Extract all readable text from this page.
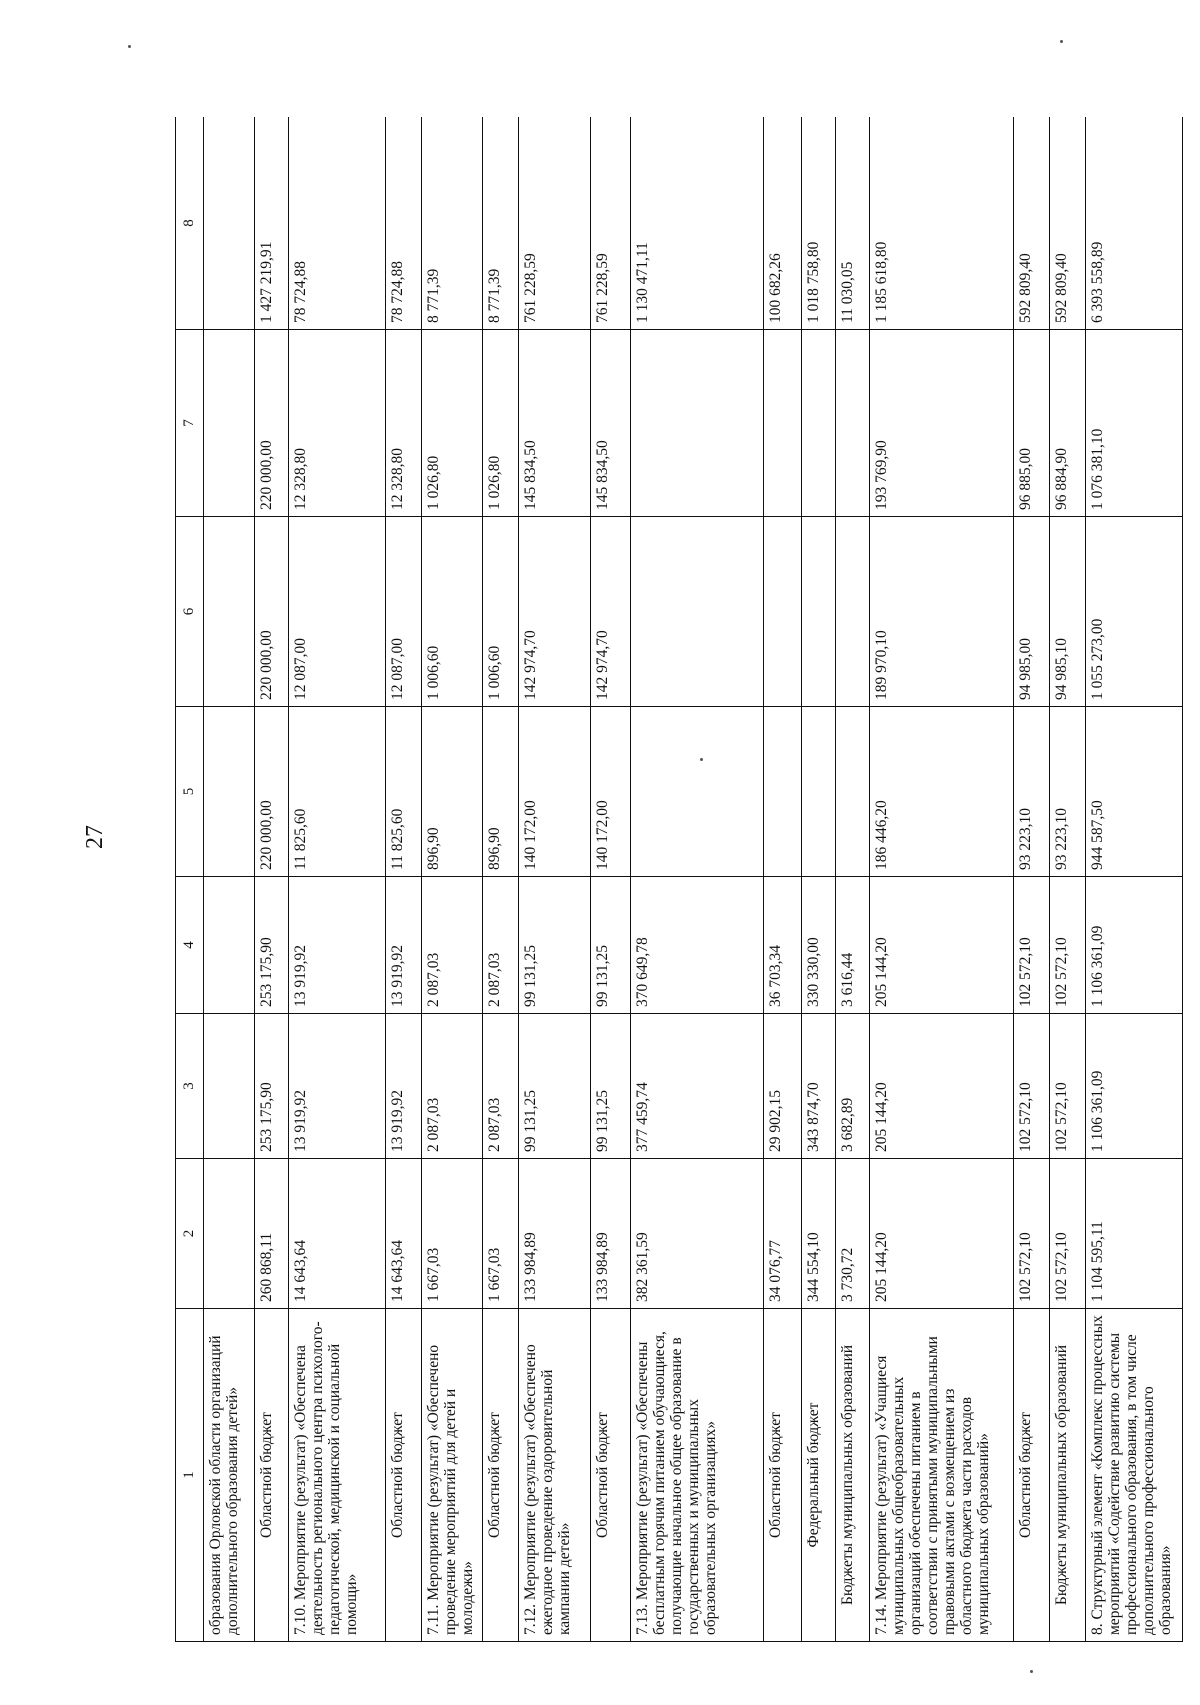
27
1	2	3	4	5	6	7	8
образования Орловской области организаций дополнительного образования детей»							
Областной бюджет	260 868,11	253 175,90	253 175,90	220 000,00	220 000,00	220 000,00	1 427 219,91
7.10. Мероприятие (результат) «Обеспечена деятельность регионального центра психолого-педагогической, медицинской и социальной помощи»	14 643,64	13 919,92	13 919,92	11 825,60	12 087,00	12 328,80	78 724,88
Областной бюджет	14 643,64	13 919,92	13 919,92	11 825,60	12 087,00	12 328,80	78 724,88
7.11. Мероприятие (результат) «Обеспечено проведение мероприятий для детей и молодежи»	1 667,03	2 087,03	2 087,03	896,90	1 006,60	1 026,80	8 771,39
Областной бюджет	1 667,03	2 087,03	2 087,03	896,90	1 006,60	1 026,80	8 771,39
7.12. Мероприятие (результат) «Обеспечено ежегодное проведение оздоровительной кампании детей»	133 984,89	99 131,25	99 131,25	140 172,00	142 974,70	145 834,50	761 228,59
Областной бюджет	133 984,89	99 131,25	99 131,25	140 172,00	142 974,70	145 834,50	761 228,59
7.13. Мероприятие (результат) «Обеспечены бесплатным горячим питанием обучающиеся, получающие начальное общее образование в государственных и муниципальных образовательных организациях»	382 361,59	377 459,74	370 649,78				1 130 471,11
Областной бюджет	34 076,77	29 902,15	36 703,34				100 682,26
Федеральный бюджет	344 554,10	343 874,70	330 330,00				1 018 758,80
Бюджеты муниципальных образований	3 730,72	3 682,89	3 616,44				11 030,05
7.14. Мероприятие (результат) «Учащиеся муниципальных общеобразовательных организаций обеспечены питанием в соответствии с принятыми муниципальными правовыми актами с возмещением из областного бюджета части расходов муниципальных образований»	205 144,20	205 144,20	205 144,20	186 446,20	189 970,10	193 769,90	1 185 618,80
Областной бюджет	102 572,10	102 572,10	102 572,10	93 223,10	94 985,00	96 885,00	592 809,40
Бюджеты муниципальных образований	102 572,10	102 572,10	102 572,10	93 223,10	94 985,10	96 884,90	592 809,40
8. Структурный элемент «Комплекс процессных мероприятий «Содействие развитию системы профессионального образования, в том числе дополнительного профессионального образования»	1 104 595,11	1 106 361,09	1 106 361,09	944 587,50	1 055 273,00	1 076 381,10	6 393 558,89
